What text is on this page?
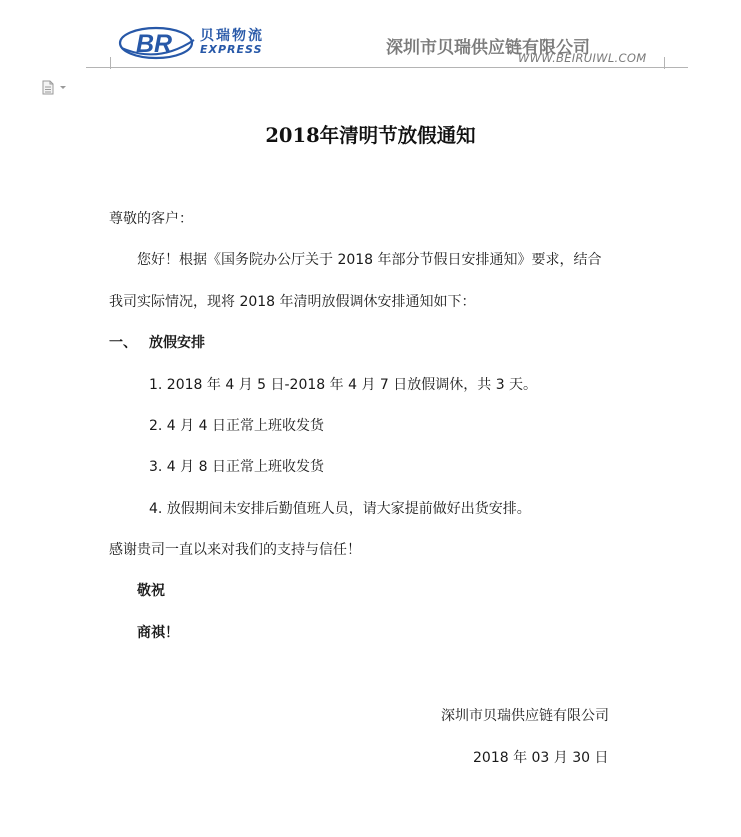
BR 贝瑞物流
EXPRESS	深圳市贝瑞供应链有限公司
WWW.BEIRUIWL.COM
2018年清明节放假通知
尊敬的客户：
您好！根据《国务院办公厅关于 2018 年部分节假日安排通知》要求，结合
我司实际情况，现将 2018 年清明放假调休安排通知如下：
一、 放假安排
1. 2018 年 4 月 5 日-2018 年 4 月 7 日放假调休，共 3 天。
2. 4 月 4 日正常上班收发货
3. 4 月 8 日正常上班收发货
4. 放假期间未安排后勤值班人员，请大家提前做好出货安排。
感谢贵司一直以来对我们的支持与信任！
敬祝
商祺！
深圳市贝瑞供应链有限公司
2018 年 03 月 30 日
